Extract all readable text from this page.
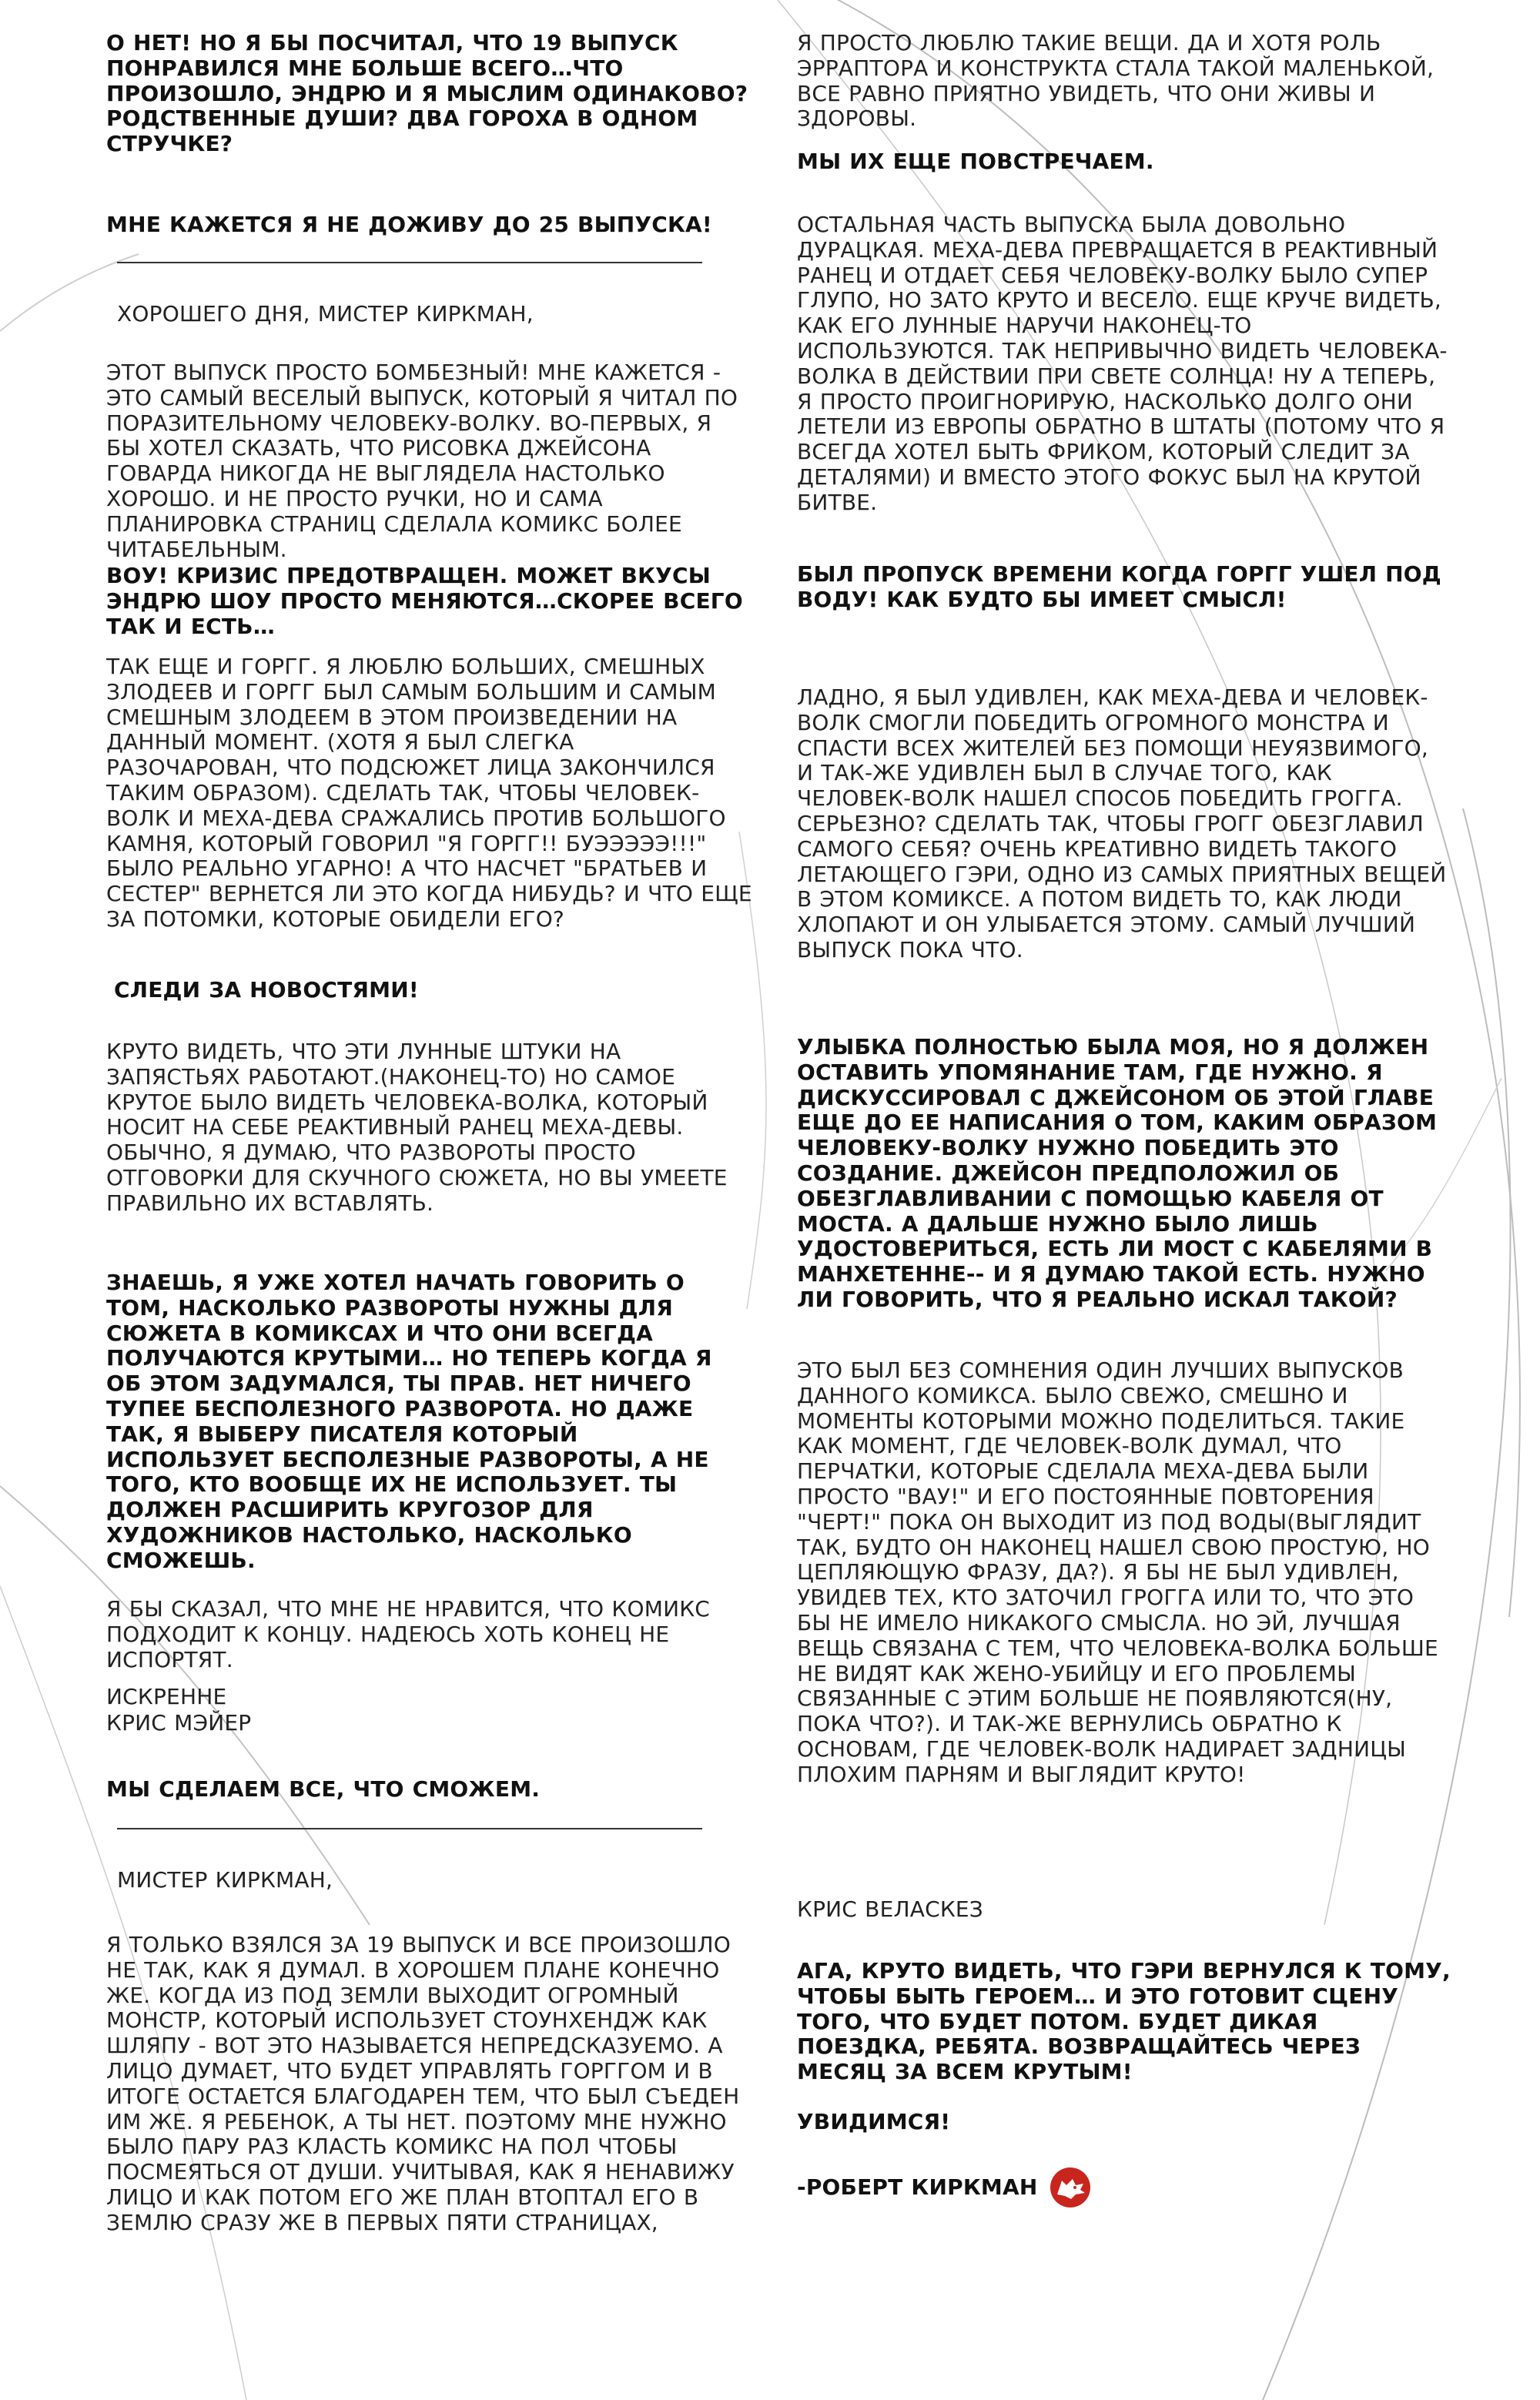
О НЕТ! НО Я БЫ ПОСЧИТАЛ, ЧТО 19 ВЫПУСК ПОНРАВИЛСЯ МНЕ БОЛЬШЕ ВСЕГО…ЧТО ПРОИЗОШЛО, ЭНДРЮ И Я МЫСЛИМ ОДИНАКОВО? РОДСТВЕННЫЕ ДУШИ? ДВА ГОРОХА В ОДНОМ СТРУЧКЕ?

МНЕ КАЖЕТСЯ Я НЕ ДОЖИВУ ДО 25 ВЫПУСКА!

ХОРОШЕГО ДНЯ, МИСТЕР КИРКМАН,

ЭТОТ ВЫПУСК ПРОСТО БОМБЕЗНЫЙ! МНЕ КАЖЕТСЯ - ЭТО САМЫЙ ВЕСЕЛЫЙ ВЫПУСК, КОТОРЫЙ Я ЧИТАЛ ПО ПОРАЗИТЕЛЬНОМУ ЧЕЛОВЕКУ-ВОЛКУ. ВО-ПЕРВЫХ, Я БЫ ХОТЕЛ СКАЗАТЬ, ЧТО РИСОВКА ДЖЕЙСОНА ГОВАРДА НИКОГДА НЕ ВЫГЛЯДЕЛА НАСТОЛЬКО ХОРОШО. И НЕ ПРОСТО РУЧКИ, НО И САМА ПЛАНИРОВКА СТРАНИЦ СДЕЛАЛА КОМИКС БОЛЕЕ ЧИТАБЕЛЬНЫМ.

ВОУ! КРИЗИС ПРЕДОТВРАЩЕН. МОЖЕТ ВКУСЫ ЭНДРЮ ШОУ ПРОСТО МЕНЯЮТСЯ…СКОРЕЕ ВСЕГО ТАК И ЕСТЬ…

ТАК ЕЩЕ И ГОРГГ. Я ЛЮБЛЮ БОЛЬШИХ, СМЕШНЫХ ЗЛОДЕЕВ И ГОРГГ БЫЛ САМЫМ БОЛЬШИМ И САМЫМ СМЕШНЫМ ЗЛОДЕЕМ В ЭТОМ ПРОИЗВЕДЕНИИ НА ДАННЫЙ МОМЕНТ. (ХОТЯ Я БЫЛ СЛЕГКА РАЗОЧАРОВАН, ЧТО ПОДСЮЖЕТ ЛИЦА ЗАКОНЧИЛСЯ ТАКИМ ОБРАЗОМ). СДЕЛАТЬ ТАК, ЧТОБЫ ЧЕЛОВЕК-ВОЛК И МЕХА-ДЕВА СРАЖАЛИСЬ ПРОТИВ БОЛЬШОГО КАМНЯ, КОТОРЫЙ ГОВОРИЛ "Я ГОРГГ!! БУЭЭЭЭЭ!!!" БЫЛО РЕАЛЬНО УГАРНО! А ЧТО НАСЧЕТ "БРАТЬЕВ И СЕСТЕР" ВЕРНЕТСЯ ЛИ ЭТО КОГДА НИБУДЬ? И ЧТО ЕЩЕ ЗА ПОТОМКИ, КОТОРЫЕ ОБИДЕЛИ ЕГО?

СЛЕДИ ЗА НОВОСТЯМИ!

КРУТО ВИДЕТЬ, ЧТО ЭТИ ЛУННЫЕ ШТУКИ НА ЗАПЯСТЬЯХ РАБОТАЮТ.(НАКОНЕЦ-ТО) НО САМОЕ КРУТОЕ БЫЛО ВИДЕТЬ ЧЕЛОВЕКА-ВОЛКА, КОТОРЫЙ НОСИТ НА СЕБЕ РЕАКТИВНЫЙ РАНЕЦ МЕХА-ДЕВЫ. ОБЫЧНО, Я ДУМАЮ, ЧТО РАЗВОРОТЫ ПРОСТО ОТГОВОРКИ ДЛЯ СКУЧНОГО СЮЖЕТА, НО ВЫ УМЕЕТЕ ПРАВИЛЬНО ИХ ВСТАВЛЯТЬ.

ЗНАЕШЬ, Я УЖЕ ХОТЕЛ НАЧАТЬ ГОВОРИТЬ О ТОМ, НАСКОЛЬКО РАЗВОРОТЫ НУЖНЫ ДЛЯ СЮЖЕТА В КОМИКСАХ И ЧТО ОНИ ВСЕГДА ПОЛУЧАЮТСЯ КРУТЫМИ… НО ТЕПЕРЬ КОГДА Я ОБ ЭТОМ ЗАДУМАЛСЯ, ТЫ ПРАВ. НЕТ НИЧЕГО ТУПЕЕ БЕСПОЛЕЗНОГО РАЗВОРОТА. НО ДАЖЕ ТАК, Я ВЫБЕРУ ПИСАТЕЛЯ КОТОРЫЙ ИСПОЛЬЗУЕТ БЕСПОЛЕЗНЫЕ РАЗВОРОТЫ, А НЕ ТОГО, КТО ВООБЩЕ ИХ НЕ ИСПОЛЬЗУЕТ. ТЫ ДОЛЖЕН РАСШИРИТЬ КРУГОЗОР ДЛЯ ХУДОЖНИКОВ НАСТОЛЬКО, НАСКОЛЬКО СМОЖЕШЬ.

Я БЫ СКАЗАЛ, ЧТО МНЕ НЕ НРАВИТСЯ, ЧТО КОМИКС ПОДХОДИТ К КОНЦУ. НАДЕЮСЬ ХОТЬ КОНЕЦ НЕ ИСПОРТЯТ.

ИСКРЕННЕ

КРИС МЭЙЕР

МЫ СДЕЛАЕМ ВСЕ, ЧТО СМОЖЕМ.

МИСТЕР КИРКМАН,

Я ТОЛЬКО ВЗЯЛСЯ ЗА 19 ВЫПУСК И ВСЕ ПРОИЗОШЛО НЕ ТАК, КАК Я ДУМАЛ. В ХОРОШЕМ ПЛАНЕ КОНЕЧНО ЖЕ. КОГДА ИЗ ПОД ЗЕМЛИ ВЫХОДИТ ОГРОМНЫЙ МОНСТР, КОТОРЫЙ ИСПОЛЬЗУЕТ СТОУНХЕНДЖ КАК ШЛЯПУ - ВОТ ЭТО НАЗЫВАЕТСЯ НЕПРЕДСКАЗУЕМО. А ЛИЦО ДУМАЕТ, ЧТО БУДЕТ УПРАВЛЯТЬ ГОРГГОМ И В ИТОГЕ ОСТАЕТСЯ БЛАГОДАРЕН ТЕМ, ЧТО БЫЛ СЪЕДЕН ИМ ЖЕ. Я РЕБЕНОК, А ТЫ НЕТ. ПОЭТОМУ МНЕ НУЖНО БЫЛО ПАРУ РАЗ КЛАСТЬ КОМИКС НА ПОЛ ЧТОБЫ ПОСМЕЯТЬСЯ ОТ ДУШИ. УЧИТЫВАЯ, КАК Я НЕНАВИЖУ ЛИЦО И КАК ПОТОМ ЕГО ЖЕ ПЛАН ВТОПТАЛ ЕГО В ЗЕМЛЮ СРАЗУ ЖЕ В ПЕРВЫХ ПЯТИ СТРАНИЦАХ,

Я ПРОСТО ЛЮБЛЮ ТАКИЕ ВЕЩИ. ДА И ХОТЯ РОЛЬ ЭРРАПТОРА И КОНСТРУКТА СТАЛА ТАКОЙ МАЛЕНЬКОЙ, ВСЕ РАВНО ПРИЯТНО УВИДЕТЬ, ЧТО ОНИ ЖИВЫ И ЗДОРОВЫ.

МЫ ИХ ЕЩЕ ПОВСТРЕЧАЕМ.

ОСТАЛЬНАЯ ЧАСТЬ ВЫПУСКА БЫЛА ДОВОЛЬНО ДУРАЦКАЯ. МЕХА-ДЕВА ПРЕВРАЩАЕТСЯ В РЕАКТИВНЫЙ РАНЕЦ И ОТДАЕТ СЕБЯ ЧЕЛОВЕКУ-ВОЛКУ БЫЛО СУПЕР ГЛУПО, НО ЗАТО КРУТО И ВЕСЕЛО. ЕЩЕ КРУЧЕ ВИДЕТЬ, КАК ЕГО ЛУННЫЕ НАРУЧИ НАКОНЕЦ-ТО ИСПОЛЬЗУЮТСЯ. ТАК НЕПРИВЫЧНО ВИДЕТЬ ЧЕЛОВЕКА-ВОЛКА В ДЕЙСТВИИ ПРИ СВЕТЕ СОЛНЦА! НУ А ТЕПЕРЬ, Я ПРОСТО ПРОИГНОРИРУЮ, НАСКОЛЬКО ДОЛГО ОНИ ЛЕТЕЛИ ИЗ ЕВРОПЫ ОБРАТНО В ШТАТЫ (ПОТОМУ ЧТО Я ВСЕГДА ХОТЕЛ БЫТЬ ФРИКОМ, КОТОРЫЙ СЛЕДИТ ЗА ДЕТАЛЯМИ) И ВМЕСТО ЭТОГО ФОКУС БЫЛ НА КРУТОЙ БИТВЕ.

БЫЛ ПРОПУСК ВРЕМЕНИ КОГДА ГОРГГ УШЕЛ ПОД ВОДУ! КАК БУДТО БЫ ИМЕЕТ СМЫСЛ!

ЛАДНО, Я БЫЛ УДИВЛЕН, КАК МЕХА-ДЕВА И ЧЕЛОВЕК-ВОЛК СМОГЛИ ПОБЕДИТЬ ОГРОМНОГО МОНСТРА И СПАСТИ ВСЕХ ЖИТЕЛЕЙ БЕЗ ПОМОЩИ НЕУЯЗВИМОГО, И ТАК-ЖЕ УДИВЛЕН БЫЛ В СЛУЧАЕ ТОГО, КАК ЧЕЛОВЕК-ВОЛК НАШЕЛ СПОСОБ ПОБЕДИТЬ ГРОГГА. СЕРЬЕЗНО? СДЕЛАТЬ ТАК, ЧТОБЫ ГРОГГ ОБЕЗГЛАВИЛ САМОГО СЕБЯ? ОЧЕНЬ КРЕАТИВНО ВИДЕТЬ ТАКОГО ЛЕТАЮЩЕГО ГЭРИ, ОДНО ИЗ САМЫХ ПРИЯТНЫХ ВЕЩЕЙ В ЭТОМ КОМИКСЕ. А ПОТОМ ВИДЕТЬ ТО, КАК ЛЮДИ ХЛОПАЮТ И ОН УЛЫБАЕТСЯ ЭТОМУ. САМЫЙ ЛУЧШИЙ ВЫПУСК ПОКА ЧТО.

УЛЫБКА ПОЛНОСТЬЮ БЫЛА МОЯ, НО Я ДОЛЖЕН ОСТАВИТЬ УПОМЯНАНИЕ ТАМ, ГДЕ НУЖНО. Я ДИСКУССИРОВАЛ С ДЖЕЙСОНОМ ОБ ЭТОЙ ГЛАВЕ ЕЩЕ ДО ЕЕ НАПИСАНИЯ О ТОМ, КАКИМ ОБРАЗОМ ЧЕЛОВЕКУ-ВОЛКУ НУЖНО ПОБЕДИТЬ ЭТО СОЗДАНИЕ. ДЖЕЙСОН ПРЕДПОЛОЖИЛ ОБ ОБЕЗГЛАВЛИВАНИИ С ПОМОЩЬЮ КАБЕЛЯ ОТ МОСТА. А ДАЛЬШЕ НУЖНО БЫЛО ЛИШЬ УДОСТОВЕРИТЬСЯ, ЕСТЬ ЛИ МОСТ С КАБЕЛЯМИ В МАНХЕТЕННЕ-- И Я ДУМАЮ ТАКОЙ ЕСТЬ. НУЖНО ЛИ ГОВОРИТЬ, ЧТО Я РЕАЛЬНО ИСКАЛ ТАКОЙ?

ЭТО БЫЛ БЕЗ СОМНЕНИЯ ОДИН ЛУЧШИХ ВЫПУСКОВ ДАННОГО КОМИКСА. БЫЛО СВЕЖО, СМЕШНО И МОМЕНТЫ КОТОРЫМИ МОЖНО ПОДЕЛИТЬСЯ. ТАКИЕ КАК МОМЕНТ, ГДЕ ЧЕЛОВЕК-ВОЛК ДУМАЛ, ЧТО ПЕРЧАТКИ, КОТОРЫЕ СДЕЛАЛА МЕХА-ДЕВА БЫЛИ ПРОСТО "ВАУ!" И ЕГО ПОСТОЯННЫЕ ПОВТОРЕНИЯ "ЧЕРТ!" ПОКА ОН ВЫХОДИТ ИЗ ПОД ВОДЫ(ВЫГЛЯДИТ ТАК, БУДТО ОН НАКОНЕЦ НАШЕЛ СВОЮ ПРОСТУЮ, НО ЦЕПЛЯЮЩУЮ ФРАЗУ, ДА?). Я БЫ НЕ БЫЛ УДИВЛЕН, УВИДЕВ ТЕХ, КТО ЗАТОЧИЛ ГРОГГА ИЛИ ТО, ЧТО ЭТО БЫ НЕ ИМЕЛО НИКАКОГО СМЫСЛА. НО ЭЙ, ЛУЧШАЯ ВЕЩЬ СВЯЗАНА С ТЕМ, ЧТО ЧЕЛОВЕКА-ВОЛКА БОЛЬШЕ НЕ ВИДЯТ КАК ЖЕНО-УБИЙЦУ И ЕГО ПРОБЛЕМЫ СВЯЗАННЫЕ С ЭТИМ БОЛЬШЕ НЕ ПОЯВЛЯЮТСЯ(НУ, ПОКА ЧТО?). И ТАК-ЖЕ ВЕРНУЛИСЬ ОБРАТНО К ОСНОВАМ, ГДЕ ЧЕЛОВЕК-ВОЛК НАДИРАЕТ ЗАДНИЦЫ ПЛОХИМ ПАРНЯМ И ВЫГЛЯДИТ КРУТО!

КРИС ВЕЛАСКЕЗ

АГА, КРУТО ВИДЕТЬ, ЧТО ГЭРИ ВЕРНУЛСЯ К ТОМУ, ЧТОБЫ БЫТЬ ГЕРОЕМ… И ЭТО ГОТОВИТ СЦЕНУ ТОГО, ЧТО БУДЕТ ПОТОМ. БУДЕТ ДИКАЯ ПОЕЗДКА, РЕБЯТА. ВОЗВРАЩАЙТЕСЬ ЧЕРЕЗ МЕСЯЦ ЗА ВСЕМ КРУТЫМ!

УВИДИМСЯ!

-РОБЕРТ КИРКМАН
